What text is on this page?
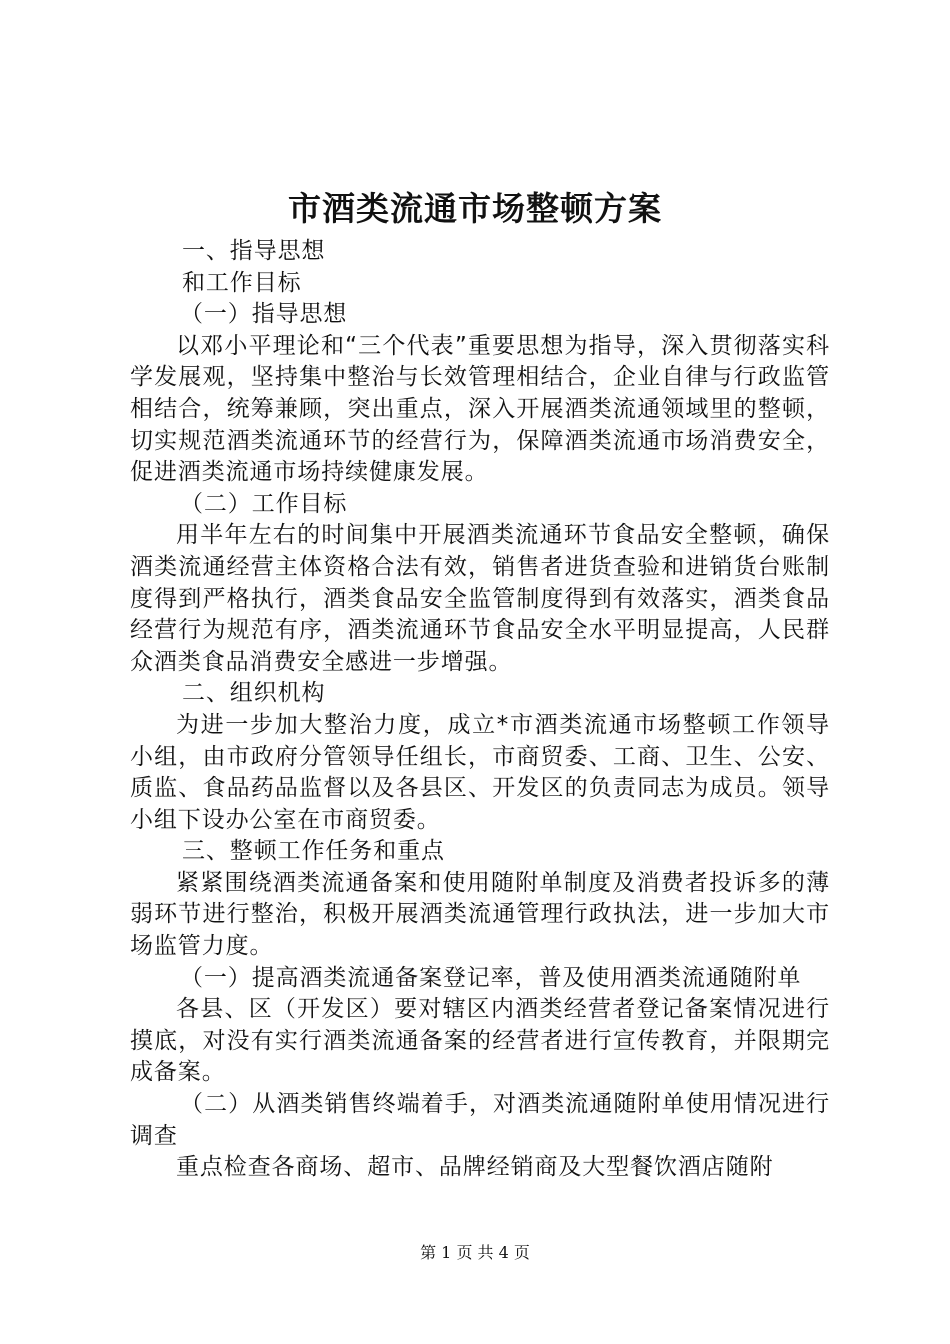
市酒类流通市场整顿方案

一、指导思想

和工作目标

（一）指导思想

以邓小平理论和“三个代表”重要思想为指导，深入贯彻落实科学发展观，坚持集中整治与长效管理相结合，企业自律与行政监管相结合，统筹兼顾，突出重点，深入开展酒类流通领域里的整顿，切实规范酒类流通环节的经营行为，保障酒类流通市场消费安全，促进酒类流通市场持续健康发展。

（二）工作目标

用半年左右的时间集中开展酒类流通环节食品安全整顿，确保酒类流通经营主体资格合法有效，销售者进货查验和进销货台账制度得到严格执行，酒类食品安全监管制度得到有效落实，酒类食品经营行为规范有序，酒类流通环节食品安全水平明显提高，人民群众酒类食品消费安全感进一步增强。

二、组织机构

为进一步加大整治力度，成立*市酒类流通市场整顿工作领导小组，由市政府分管领导任组长，市商贸委、工商、卫生、公安、质监、食品药品监督以及各县区、开发区的负责同志为成员。领导小组下设办公室在市商贸委。

三、整顿工作任务和重点

紧紧围绕酒类流通备案和使用随附单制度及消费者投诉多的薄弱环节进行整治，积极开展酒类流通管理行政执法，进一步加大市场监管力度。

（一）提高酒类流通备案登记率，普及使用酒类流通随附单

各县、区（开发区）要对辖区内酒类经营者登记备案情况进行摸底，对没有实行酒类流通备案的经营者进行宣传教育，并限期完成备案。

（二）从酒类销售终端着手，对酒类流通随附单使用情况进行调查

重点检查各商场、超市、品牌经销商及大型餐饮酒店随附

第 1 页 共 4 页
